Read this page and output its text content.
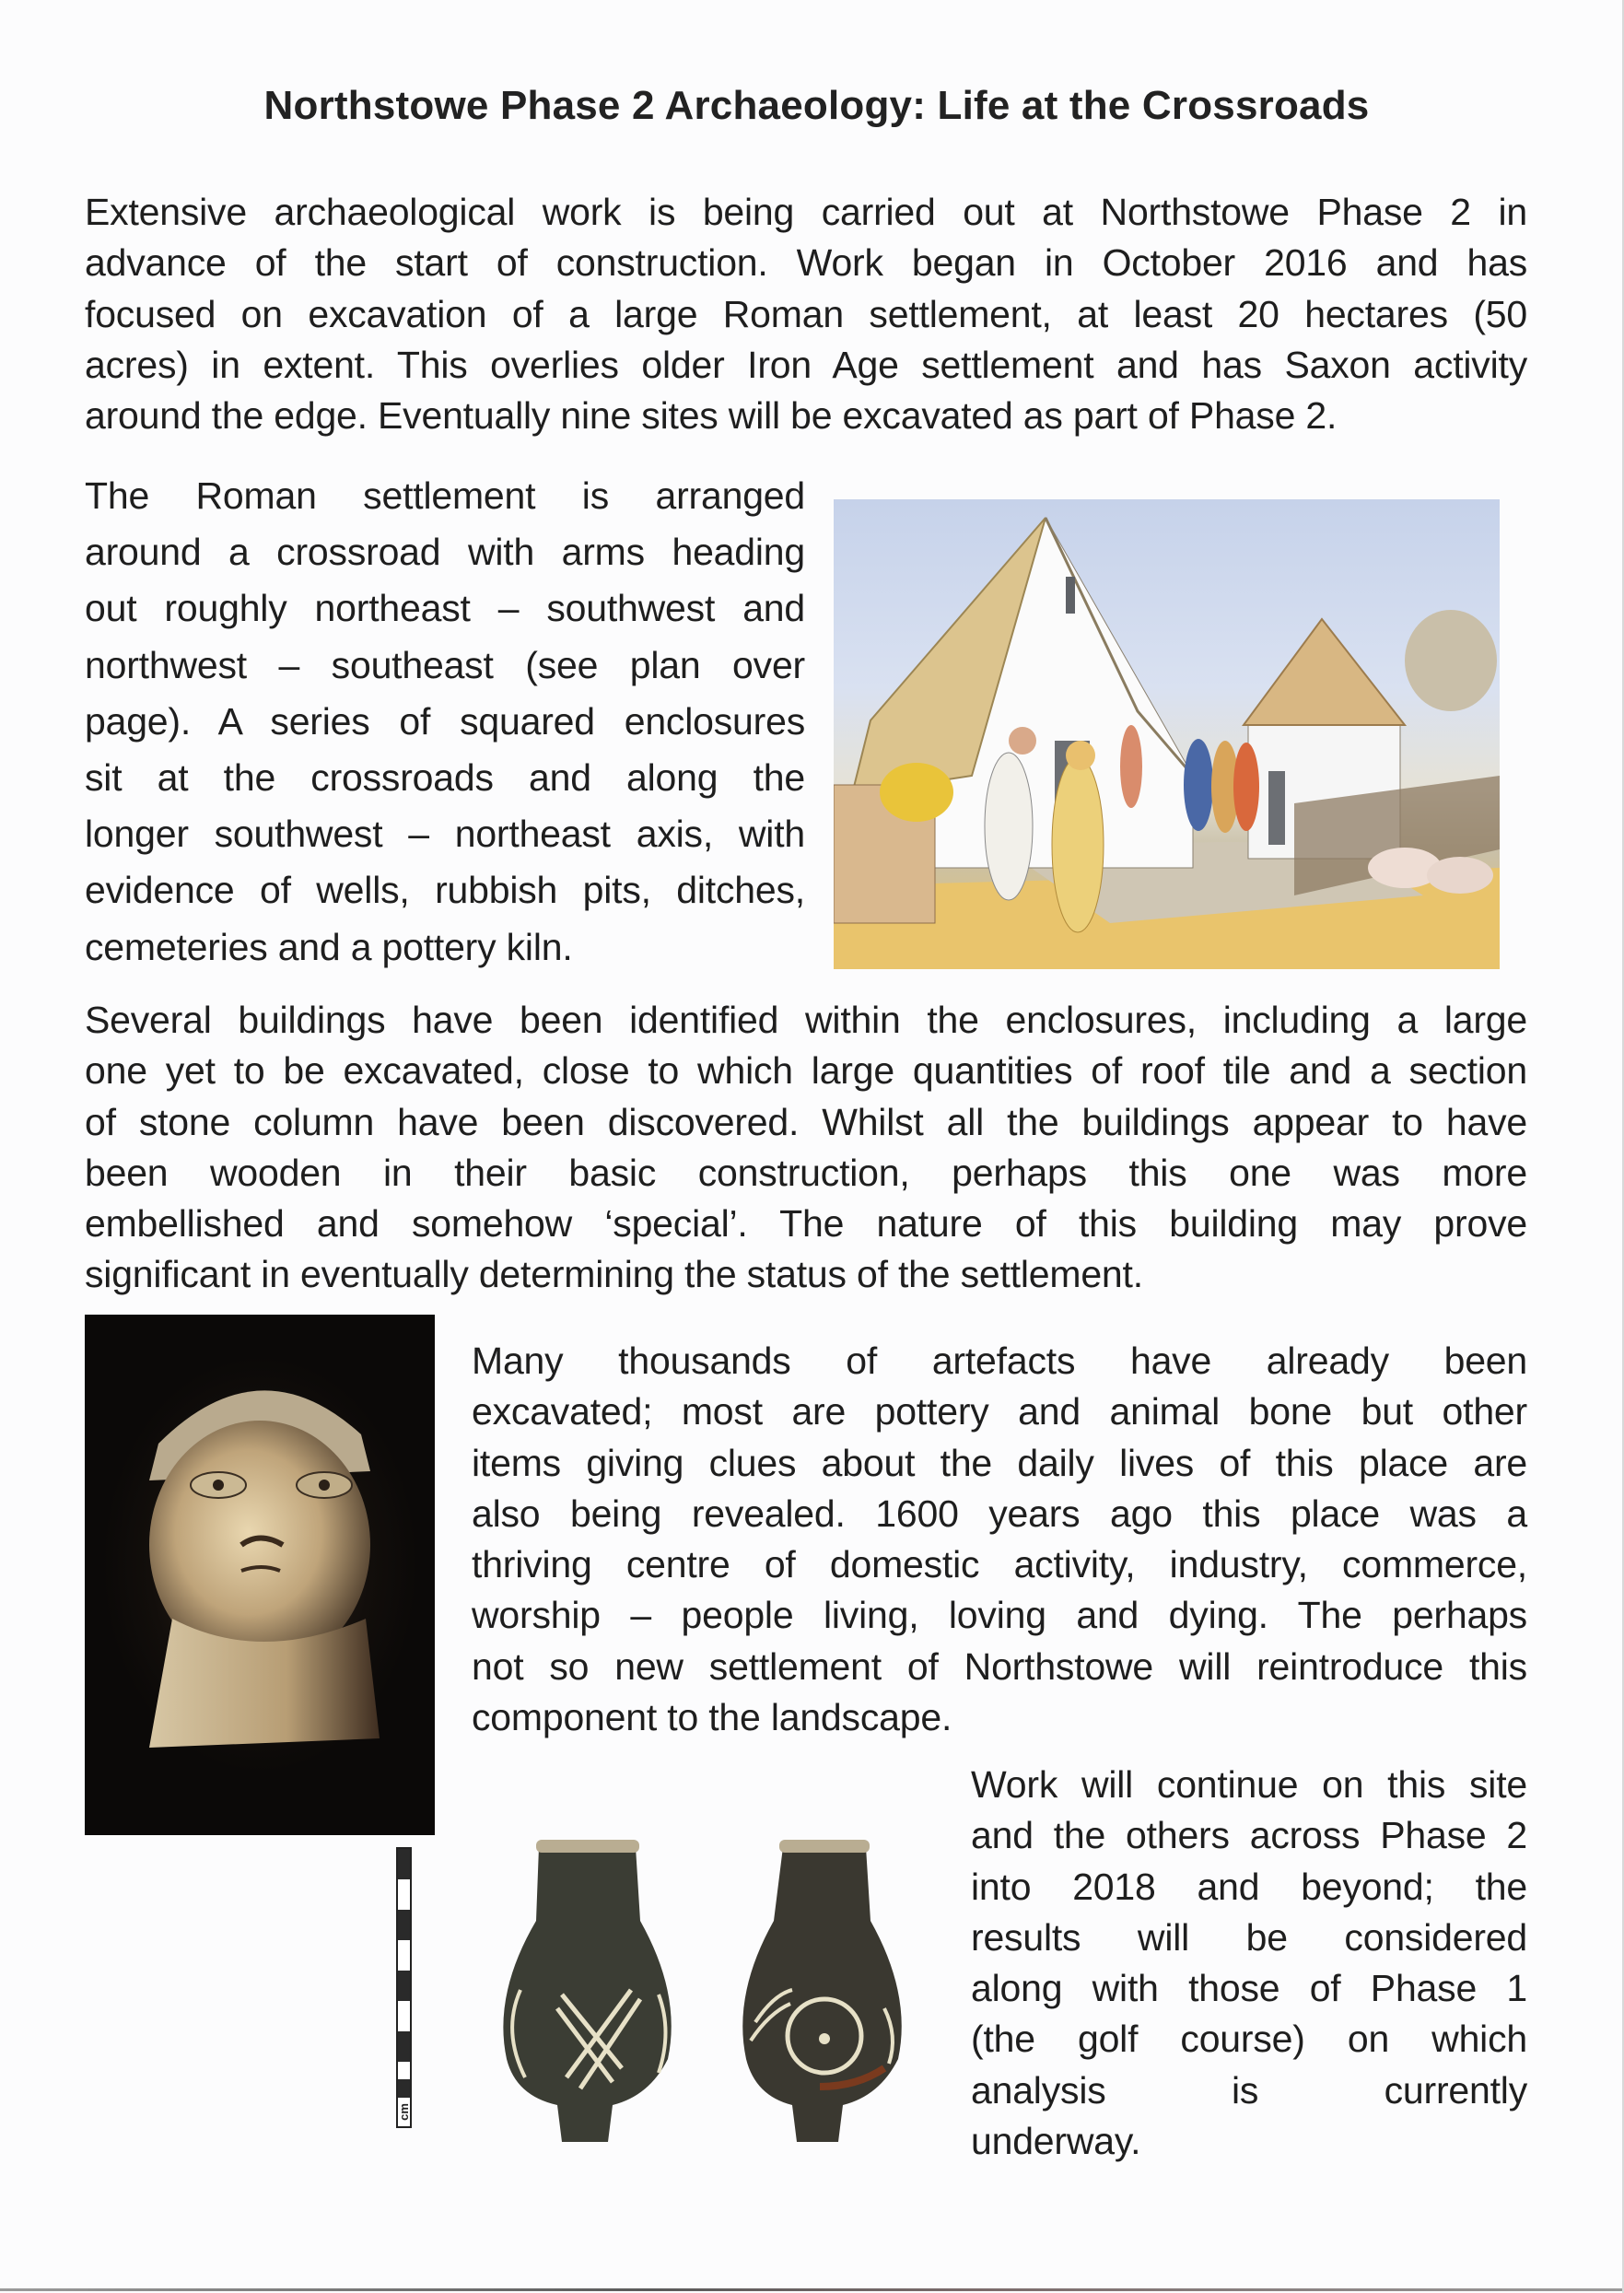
Northstowe Phase 2 Archaeology: Life at the Crossroads
Extensive archaeological work is being carried out at Northstowe Phase 2 in
advance of the start of construction. Work began in October 2016 and has
focused on excavation of a large Roman settlement, at least 20 hectares (50
acres) in extent. This overlies older Iron Age settlement and has Saxon activity
around the edge. Eventually nine sites will be excavated as part of Phase 2.
The Roman settlement is arranged
around a crossroad with arms heading
out roughly northeast – southwest and
northwest – southeast (see plan over
page). A series of squared enclosures
sit at the crossroads and along the
longer southwest – northeast axis, with
evidence of wells, rubbish pits, ditches,
cemeteries and a pottery kiln.
Several buildings have been identified within the enclosures, including a large
one yet to be excavated, close to which large quantities of roof tile and a section
of stone column have been discovered. Whilst all the buildings appear to have
been wooden in their basic construction, perhaps this one was more
embellished and somehow ‘special’. The nature of this building may prove
significant in eventually determining the status of the settlement.
Many thousands of artefacts have already been
excavated; most are pottery and animal bone but other
items giving clues about the daily lives of this place are
also being revealed. 1600 years ago this place was a
thriving centre of domestic activity, industry, commerce,
worship – people living, loving and dying. The perhaps
not so new settlement of Northstowe will reintroduce this
component to the landscape.
cm
Work will continue on this site
and the others across Phase 2
into 2018 and beyond; the
results will be considered
along with those of Phase 1
(the golf course) on which
analysis is currently
underway.
